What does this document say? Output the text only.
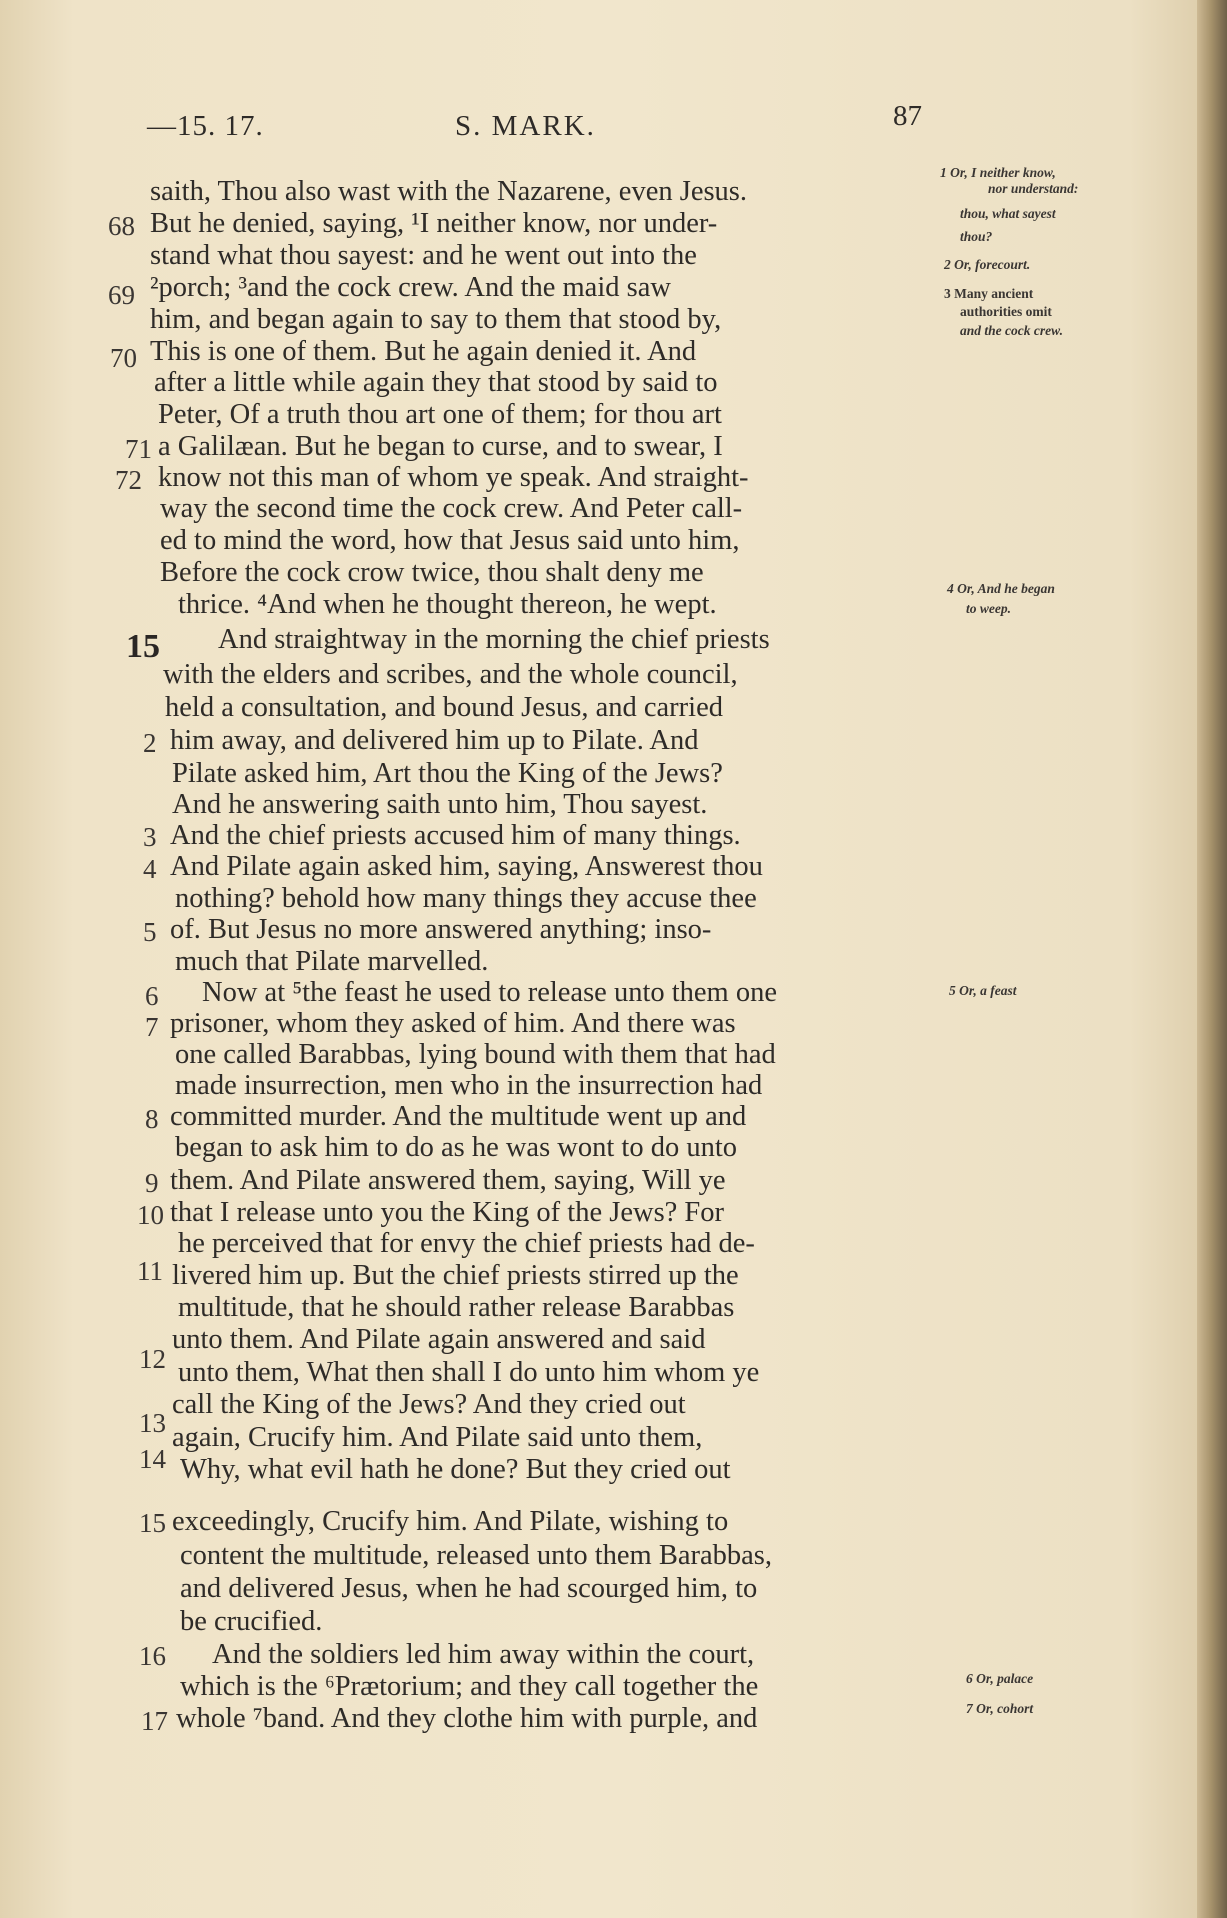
—15. 17.	S. MARK.	87
15
68
69
70
71
72
2
3
4
5
6
7
8
9
10
11
12
13
14
15
16
17
saith, Thou also wast with the Nazarene, even Jesus.
But he denied, saying, ¹I neither know, nor under-
stand what thou sayest: and he went out into the
²porch; ³and the cock crew. And the maid saw
him, and began again to say to them that stood by,
This is one of them. But he again denied it. And
after a little while again they that stood by said to
Peter, Of a truth thou art one of them; for thou art
a Galilæan. But he began to curse, and to swear, I
know not this man of whom ye speak. And straight-
way the second time the cock crew. And Peter call-
ed to mind the word, how that Jesus said unto him,
Before the cock crow twice, thou shalt deny me
thrice. ⁴And when he thought thereon, he wept.
And straightway in the morning the chief priests
with the elders and scribes, and the whole council,
held a consultation, and bound Jesus, and carried
him away, and delivered him up to Pilate. And
Pilate asked him, Art thou the King of the Jews?
And he answering saith unto him, Thou sayest.
And the chief priests accused him of many things.
And Pilate again asked him, saying, Answerest thou
nothing? behold how many things they accuse thee
of. But Jesus no more answered anything; inso-
much that Pilate marvelled.
Now at ⁵the feast he used to release unto them one
prisoner, whom they asked of him. And there was
one called Barabbas, lying bound with them that had
made insurrection, men who in the insurrection had
committed murder. And the multitude went up and
began to ask him to do as he was wont to do unto
them. And Pilate answered them, saying, Will ye
that I release unto you the King of the Jews? For
he perceived that for envy the chief priests had de-
livered him up. But the chief priests stirred up the
multitude, that he should rather release Barabbas
unto them. And Pilate again answered and said
unto them, What then shall I do unto him whom ye
call the King of the Jews? And they cried out
again, Crucify him. And Pilate said unto them,
Why, what evil hath he done? But they cried out
exceedingly, Crucify him. And Pilate, wishing to
content the multitude, released unto them Barabbas,
and delivered Jesus, when he had scourged him, to
be crucified.
And the soldiers led him away within the court,
which is the ⁶Prætorium; and they call together the
whole ⁷band. And they clothe him with purple, and
1 Or, I neither know,
nor understand:
thou, what sayest
thou?
2 Or, forecourt.
3 Many ancient
authorities omit
and the cock crew.
4 Or, And he began
to weep.
5 Or, a feast
6 Or, palace
7 Or, cohort
